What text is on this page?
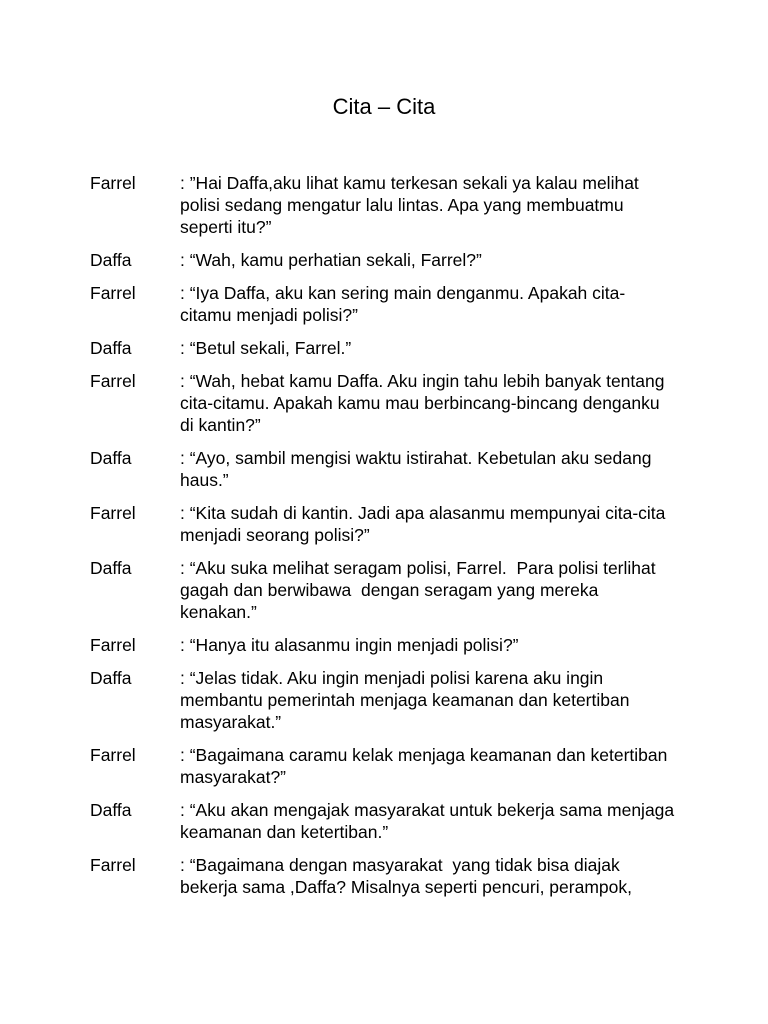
Cita – Cita
Farrel	: ”Hai Daffa,aku lihat kamu terkesan sekali ya kalau melihat
polisi sedang mengatur lalu lintas. Apa yang membuatmu
seperti itu?”
Daffa	: “Wah, kamu perhatian sekali, Farrel?”
Farrel	: “Iya Daffa, aku kan sering main denganmu. Apakah cita-
citamu menjadi polisi?”
Daffa	: “Betul sekali, Farrel.”
Farrel	: “Wah, hebat kamu Daffa. Aku ingin tahu lebih banyak tentang
cita-citamu. Apakah kamu mau berbincang-bincang denganku
di kantin?”
Daffa	: “Ayo, sambil mengisi waktu istirahat. Kebetulan aku sedang
haus.”
Farrel	: “Kita sudah di kantin. Jadi apa alasanmu mempunyai cita-cita
menjadi seorang polisi?”
Daffa	: “Aku suka melihat seragam polisi, Farrel.  Para polisi terlihat
gagah dan berwibawa  dengan seragam yang mereka
kenakan.”
Farrel	: “Hanya itu alasanmu ingin menjadi polisi?”
Daffa	: “Jelas tidak. Aku ingin menjadi polisi karena aku ingin
membantu pemerintah menjaga keamanan dan ketertiban
masyarakat.”
Farrel	: “Bagaimana caramu kelak menjaga keamanan dan ketertiban
masyarakat?”
Daffa	: “Aku akan mengajak masyarakat untuk bekerja sama menjaga
keamanan dan ketertiban.”
Farrel	: “Bagaimana dengan masyarakat  yang tidak bisa diajak
bekerja sama ,Daffa? Misalnya seperti pencuri, perampok,
